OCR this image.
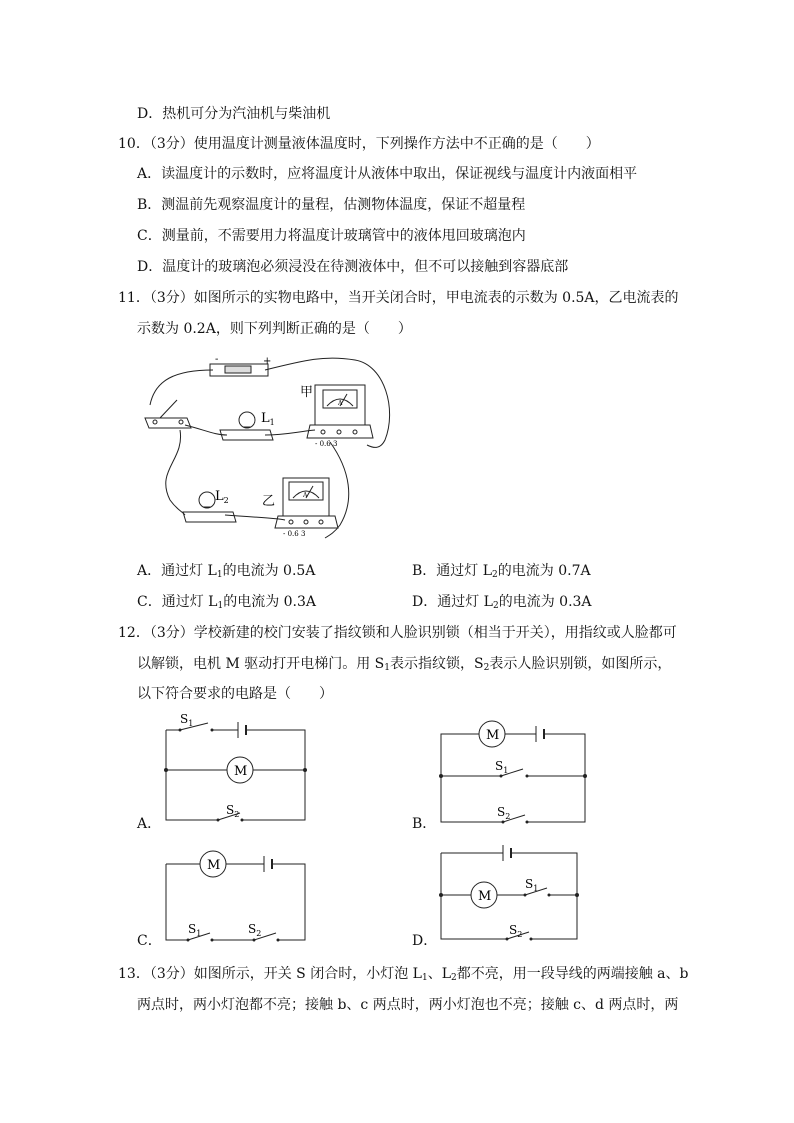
D．热机可分为汽油机与柴油机
10．（3分）使用温度计测量液体温度时，下列操作方法中不正确的是（　　）
A．读温度计的示数时，应将温度计从液体中取出，保证视线与温度计内液面相平
B．测温前先观察温度计的量程，估测物体温度，保证不超量程
C．测量前，不需要用力将温度计玻璃管中的液体甩回玻璃泡内
D．温度计的玻璃泡必须浸没在待测液体中，但不可以接触到容器底部
11．（3分）如图所示的实物电路中，当开关闭合时，甲电流表的示数为 0.5A，乙电流表的
示数为 0.2A，则下列判断正确的是（　　）
-	+
$L_1$
$L_2$
甲
乙
A
A
- 0.6 3
- 0.6 3
A．通过灯 $L_1$的电流为 0.5A	B．通过灯 $L_2$的电流为 0.7A
C．通过灯 $L_1$的电流为 0.3A	D．通过灯 $L_2$的电流为 0.3A
12．（3分）学校新建的校门安装了指纹锁和人脸识别锁（相当于开关），用指纹或人脸都可
以解锁，电机 M 驱动打开电梯门。用 $S_1$表示指纹锁，$S_2$表示人脸识别锁，如图所示，
以下符合要求的电路是（　　）
A．
M
$S_1$
$S_2$
B．
M
$S_1$
$S_2$
C．
M
$S_1$	$S_2$	D．
M
$S_1$
$S_2$
13．（3分）如图所示，开关 S 闭合时，小灯泡 $L_1$、$L_2$都不亮，用一段导线的两端接触 a、b
两点时，两小灯泡都不亮；接触 b、c 两点时，两小灯泡也不亮；接触 c、d 两点时，两
